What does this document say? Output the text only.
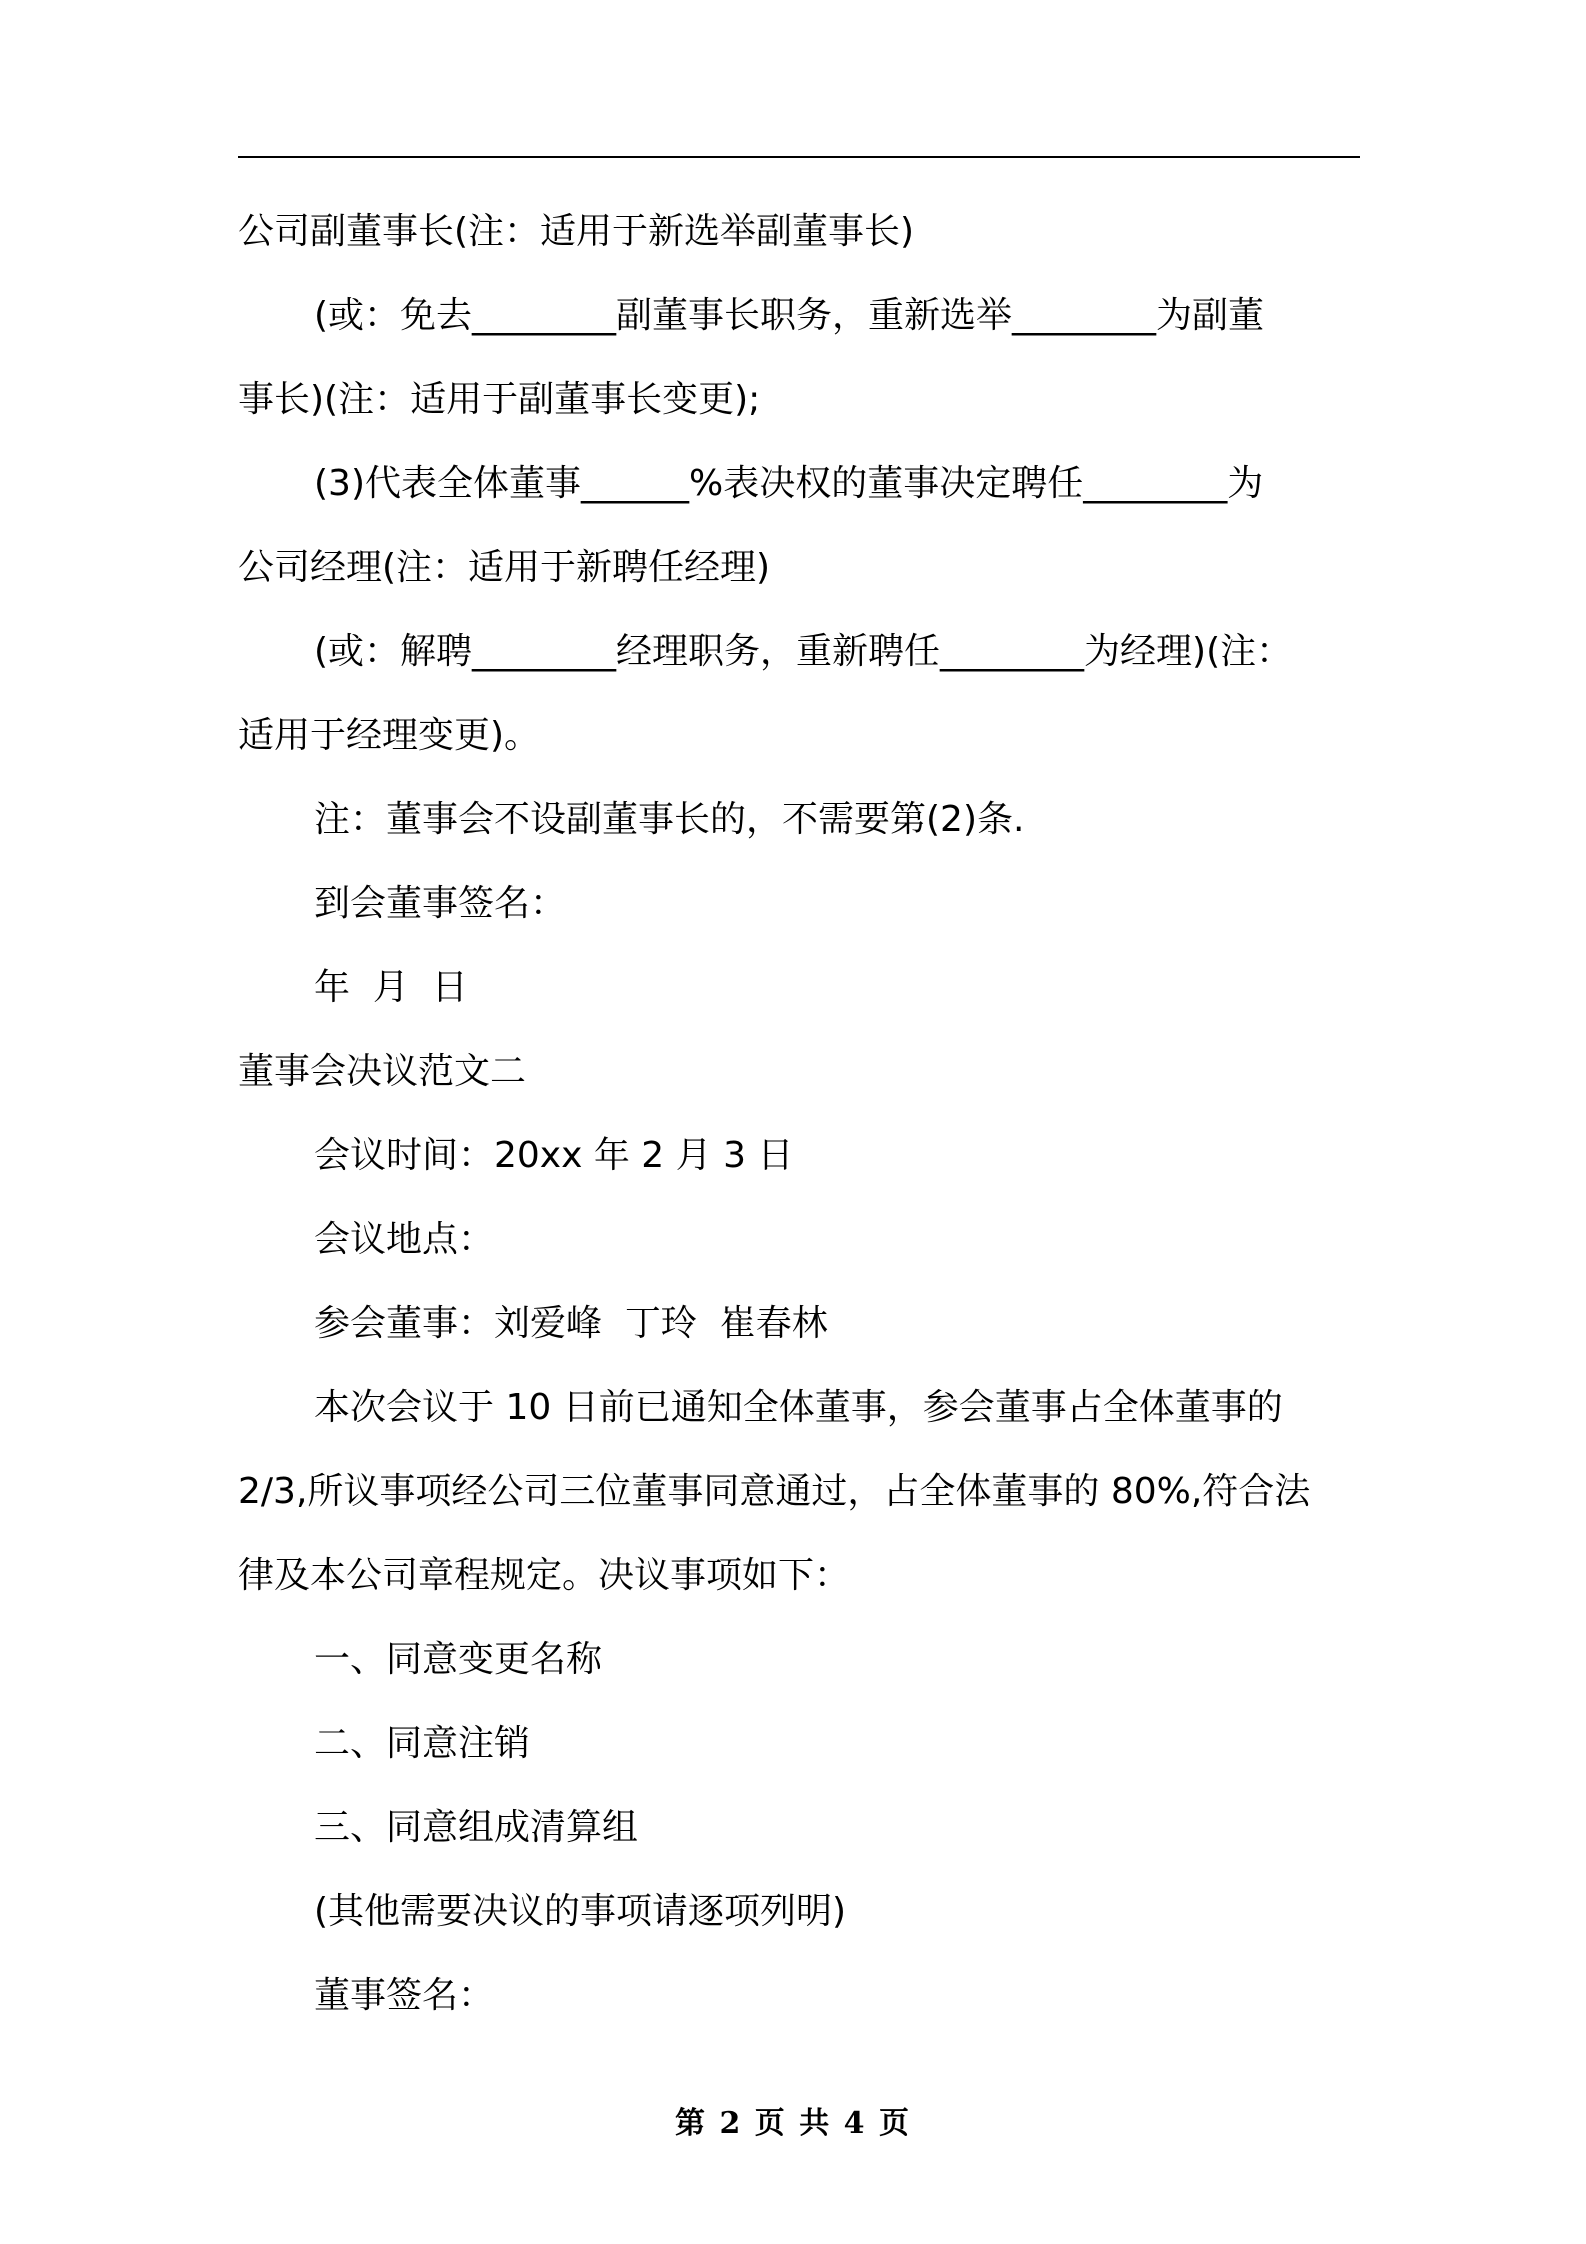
公司副董事长(注：适用于新选举副董事长)
(或：免去________副董事长职务，重新选举________为副董
事长)(注：适用于副董事长变更);
(3)代表全体董事______%表决权的董事决定聘任________为
公司经理(注：适用于新聘任经理)
(或：解聘________经理职务，重新聘任________为经理)(注：
适用于经理变更)。
注：董事会不设副董事长的，不需要第(2)条.
到会董事签名：
年  月  日
董事会决议范文二
会议时间：20xx 年 2 月 3 日
会议地点：
参会董事：刘爱峰  丁玲  崔春林
本次会议于 10 日前已通知全体董事，参会董事占全体董事的
2/3,所议事项经公司三位董事同意通过，占全体董事的 80%,符合法
律及本公司章程规定。决议事项如下：
一、同意变更名称
二、同意注销
三、同意组成清算组
(其他需要决议的事项请逐项列明)
董事签名：
第 2 页 共 4 页
